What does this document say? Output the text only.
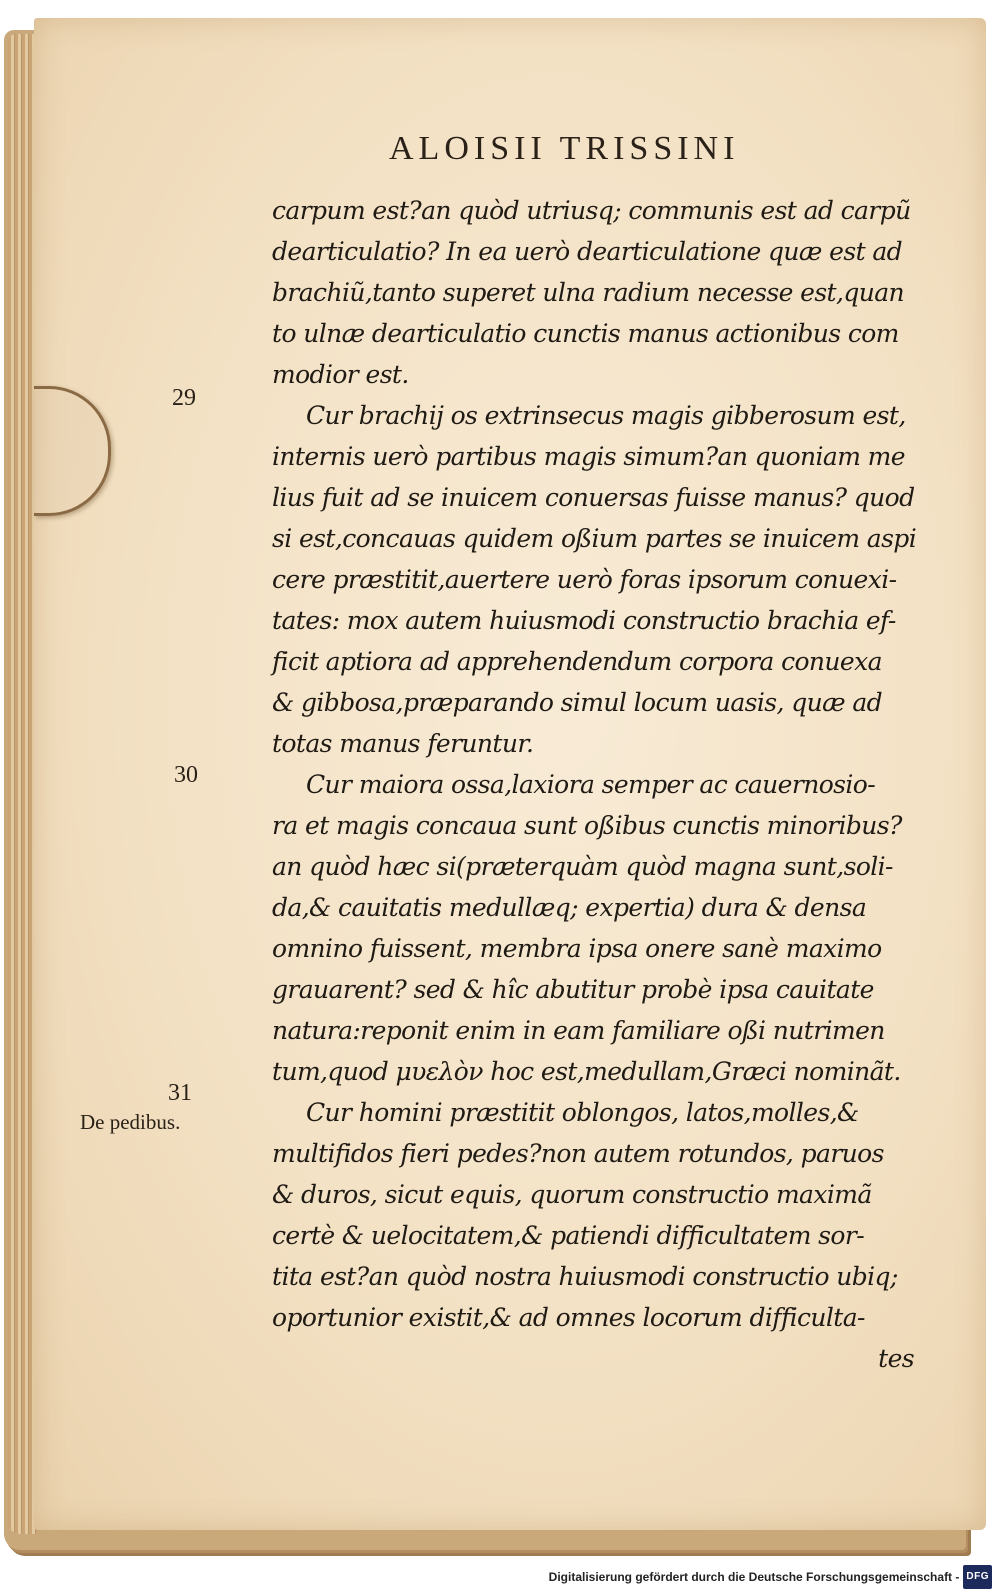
ALOISII TRISSINI
29
30
31
De pedibus.
carpum est?an quòd utriusq; communis est ad carpũ
dearticulatio? In ea uerò dearticulatione quæ est ad
brachiũ,tanto superet ulna radium necesse est,quan
to ulnæ dearticulatio cunctis manus actionibus com
modior est.
Cur brachij os extrinsecus magis gibberosum est,
internis uerò partibus magis simum?an quoniam me
lius fuit ad se inuicem conuersas fuisse manus? quod
si est,concauas quidem oßium partes se inuicem aspi
cere præstitit,auertere uerò foras ipsorum conuexi-
tates: mox autem huiusmodi constructio brachia ef-
ficit aptiora ad apprehendendum corpora conuexa
& gibbosa,præparando simul locum uasis, quæ ad
totas manus feruntur.
Cur maiora ossa,laxiora semper ac cauernosio-
ra et magis concaua sunt oßibus cunctis minoribus?
an quòd hæc si(præterquàm quòd magna sunt,soli-
da,& cauitatis medullæq; expertia) dura & densa
omnino fuissent, membra ipsa onere sanè maximo
grauarent? sed & hîc abutitur probè ipsa cauitate
natura:reponit enim in eam familiare oßi nutrimen
tum,quod μυελὸν hoc est,medullam,Græci nominãt.
Cur homini præstitit oblongos, latos,molles,&
multifidos fieri pedes?non autem rotundos, paruos
& duros, sicut equis, quorum constructio maximã
certè & uelocitatem,& patiendi difficultatem sor-
tita est?an quòd nostra huiusmodi constructio ubiq;
oportunior existit,& ad omnes locorum difficulta-
tes
Digitalisierung gefördert durch die Deutsche Forschungsgemeinschaft - DFG
